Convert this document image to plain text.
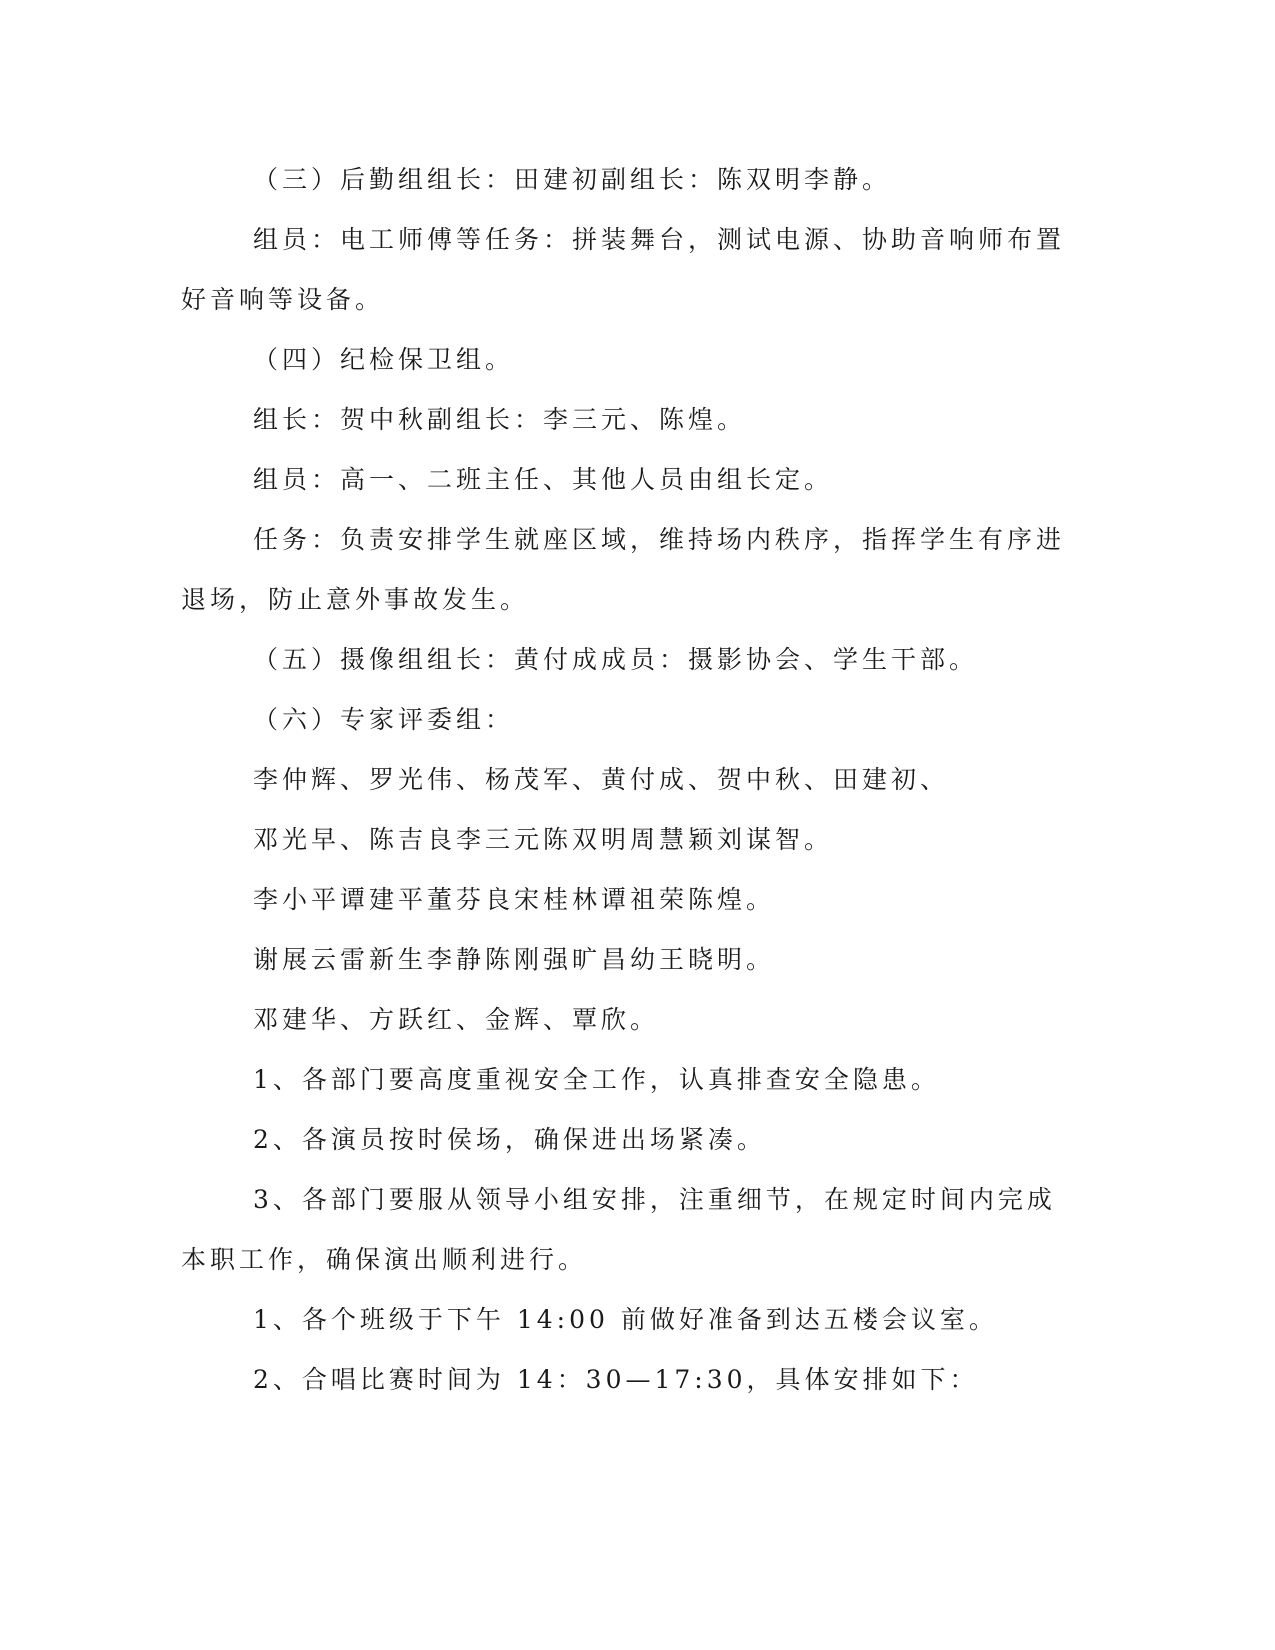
（三）后勤组组长：田建初副组长：陈双明李静。
组员：电工师傅等任务：拼装舞台，测试电源、协助音响师布置
好音响等设备。
（四）纪检保卫组。
组长：贺中秋副组长：李三元、陈煌。
组员：高一、二班主任、其他人员由组长定。
任务：负责安排学生就座区域，维持场内秩序，指挥学生有序进
退场，防止意外事故发生。
（五）摄像组组长：黄付成成员：摄影协会、学生干部。
（六）专家评委组：
李仲辉、罗光伟、杨茂军、黄付成、贺中秋、田建初、
邓光早、陈吉良李三元陈双明周慧颖刘谋智。
李小平谭建平董芬良宋桂林谭祖荣陈煌。
谢展云雷新生李静陈刚强旷昌幼王晓明。
邓建华、方跃红、金辉、覃欣。
1、各部门要高度重视安全工作，认真排查安全隐患。
2、各演员按时侯场，确保进出场紧凑。
3、各部门要服从领导小组安排，注重细节，在规定时间内完成
本职工作，确保演出顺利进行。
1、各个班级于下午 14:00 前做好准备到达五楼会议室。
2、合唱比赛时间为 14：30—17:30，具体安排如下：
